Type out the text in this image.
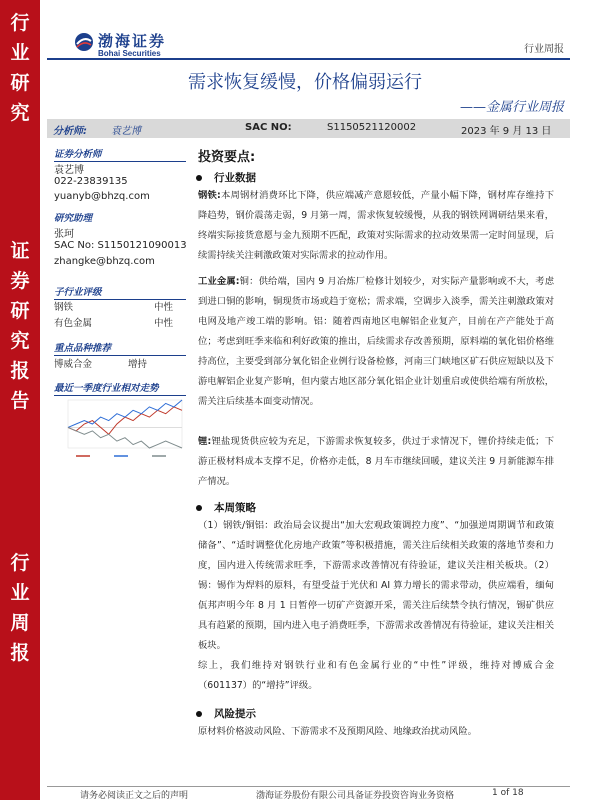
行
业
研
究
证
券
研
究
报
告
行
业
周
报
渤海证券
Bohai Securities	行业周报
需求恢复缓慢，价格偏弱运行
——金属行业周报
分析师: 袁艺博	SAC NO:	S1150521120002	2023 年 9 月 13 日
证券分析师
袁艺博
022-23839135
yuanyb@bhzq.com
研究助理
张珂
SAC No: S1150121090013
zhangke@bhzq.com
子行业评级
钢铁	中性
有色金属	中性
重点品种推荐
博威合金	增持
最近一季度行业相对走势
投资要点:
行业数据
钢铁:本周钢材消费环比下降，供应端减产意愿较低，产量小幅下降，钢材库存维持下降趋势，钢价震荡走弱，9 月第一周，需求恢复较缓慢，从我的钢铁网调研结果来看，终端实际接货意愿与金九预期不匹配，政策对实际需求的拉动效果需一定时间显现，后续需持续关注刺激政策对实际需求的拉动作用。
工业金属:铜：供给端，国内 9 月冶炼厂检修计划较少，对实际产量影响或不大，考虑到进口铜的影响，铜现货市场或趋于宽松；需求端，空调步入淡季，需关注刺激政策对电网及地产竣工端的影响。铝：随着西南地区电解铝企业复产，目前在产产能处于高位；考虑到旺季来临和利好政策的推出，后续需求存改善预期，原料端的氧化铝价格维持高位，主要受到部分氧化铝企业例行设备检修，河南三门峡地区矿石供应短缺以及下游电解铝企业复产影响，但内蒙古地区部分氧化铝企业计划重启或使供给端有所放松，需关注后续基本面变动情况。
锂:锂盐现货供应较为充足，下游需求恢复较多，供过于求情况下，锂价持续走低；下游正极材料成本支撑不足，价格亦走低，8 月车市继续回暖，建议关注 9 月新能源车排产情况。
本周策略
（1）钢铁/铜铝：政治局会议提出“加大宏观政策调控力度”、“加强逆周期调节和政策储备”、“适时调整优化房地产政策”等积极措施，需关注后续相关政策的落地节奏和力度，国内进入传统需求旺季，下游需求改善情况有待验证，建议关注相关板块。（2）锡：锡作为焊料的原料，有望受益于光伏和 AI 算力增长的需求带动，供应端看，缅甸佤邦声明今年 8 月 1 日暂停一切矿产资源开采，需关注后续禁令执行情况，锡矿供应具有趋紧的预期，国内进入电子消费旺季，下游需求改善情况有待验证，建议关注相关板块。
综上，我们维持对钢铁行业和有色金属行业的“中性”评级，维持对博威合金（601137）的“增持”评级。
风险提示
原材料价格波动风险、下游需求不及预期风险、地缘政治扰动风险。
请务必阅读正文之后的声明	渤海证券股份有限公司具备证券投资咨询业务资格	1 of 18
